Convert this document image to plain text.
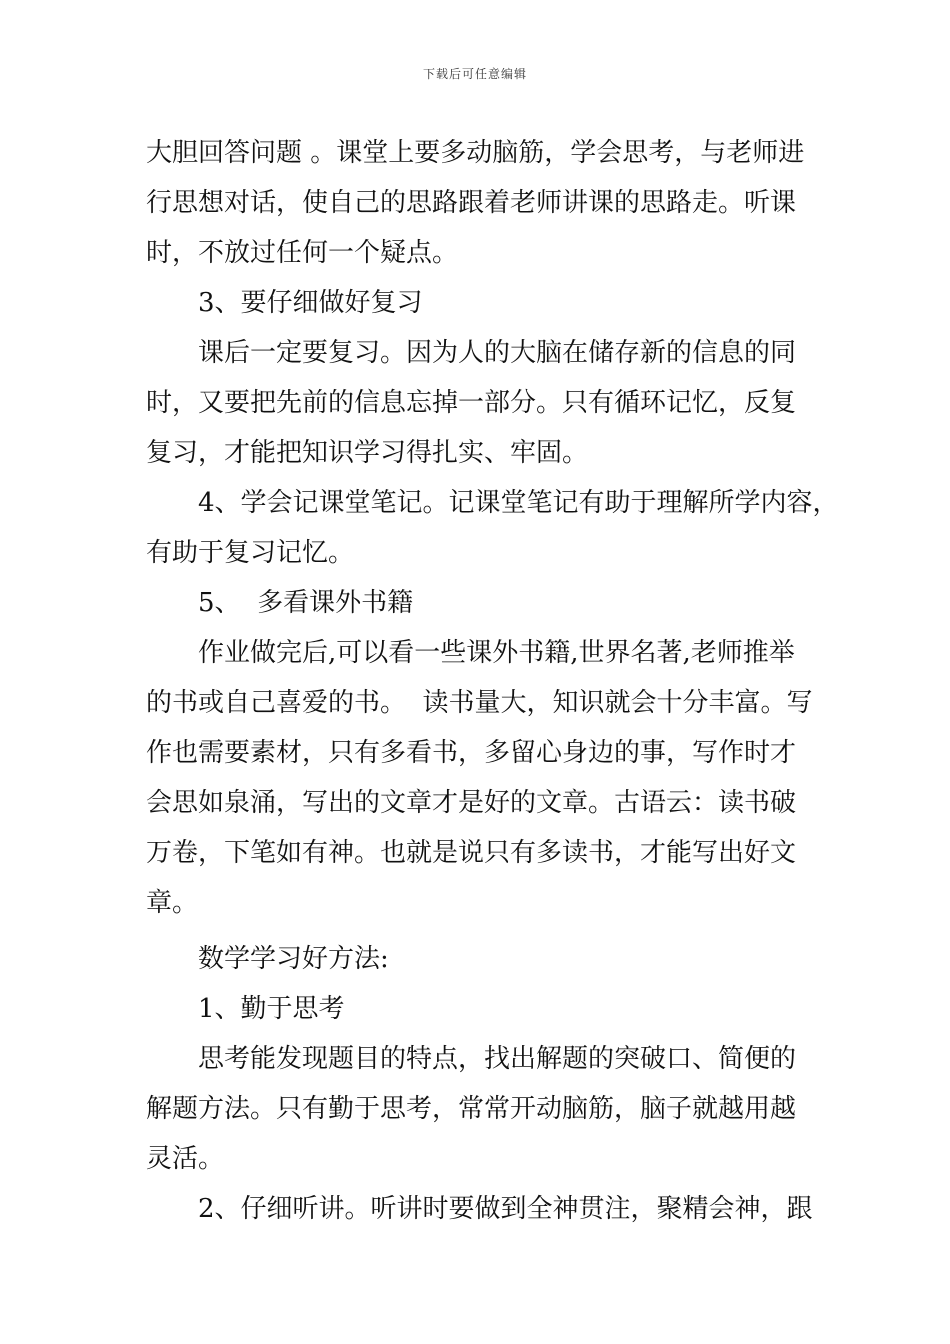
下载后可任意编辑

大胆回答问题 。课堂上要多动脑筋，学会思考，与老师进

行思想对话，使自己的思路跟着老师讲课的思路走。听课

时，不放过任何一个疑点。

3、要仔细做好复习

课后一定要复习。因为人的大脑在储存新的信息的同

时，又要把先前的信息忘掉一部分。只有循环记忆，反复

复习，才能把知识学习得扎实、牢固。

4、学会记课堂笔记。记课堂笔记有助于理解所学内容，

有助于复习记忆。

5、  多看课外书籍

作业做完后,可以看一些课外书籍,世界名著,老师推举

的书或自己喜爱的书。  读书量大，知识就会十分丰富。写

作也需要素材，只有多看书，多留心身边的事，写作时才

会思如泉涌，写出的文章才是好的文章。古语云：读书破

万卷，下笔如有神。也就是说只有多读书，才能写出好文

章。

数学学习好方法:

1、勤于思考

思考能发现题目的特点，找出解题的突破口、简便的

解题方法。只有勤于思考，常常开动脑筋，脑子就越用越

灵活。

2、仔细听讲。听讲时要做到全神贯注，聚精会神，跟
